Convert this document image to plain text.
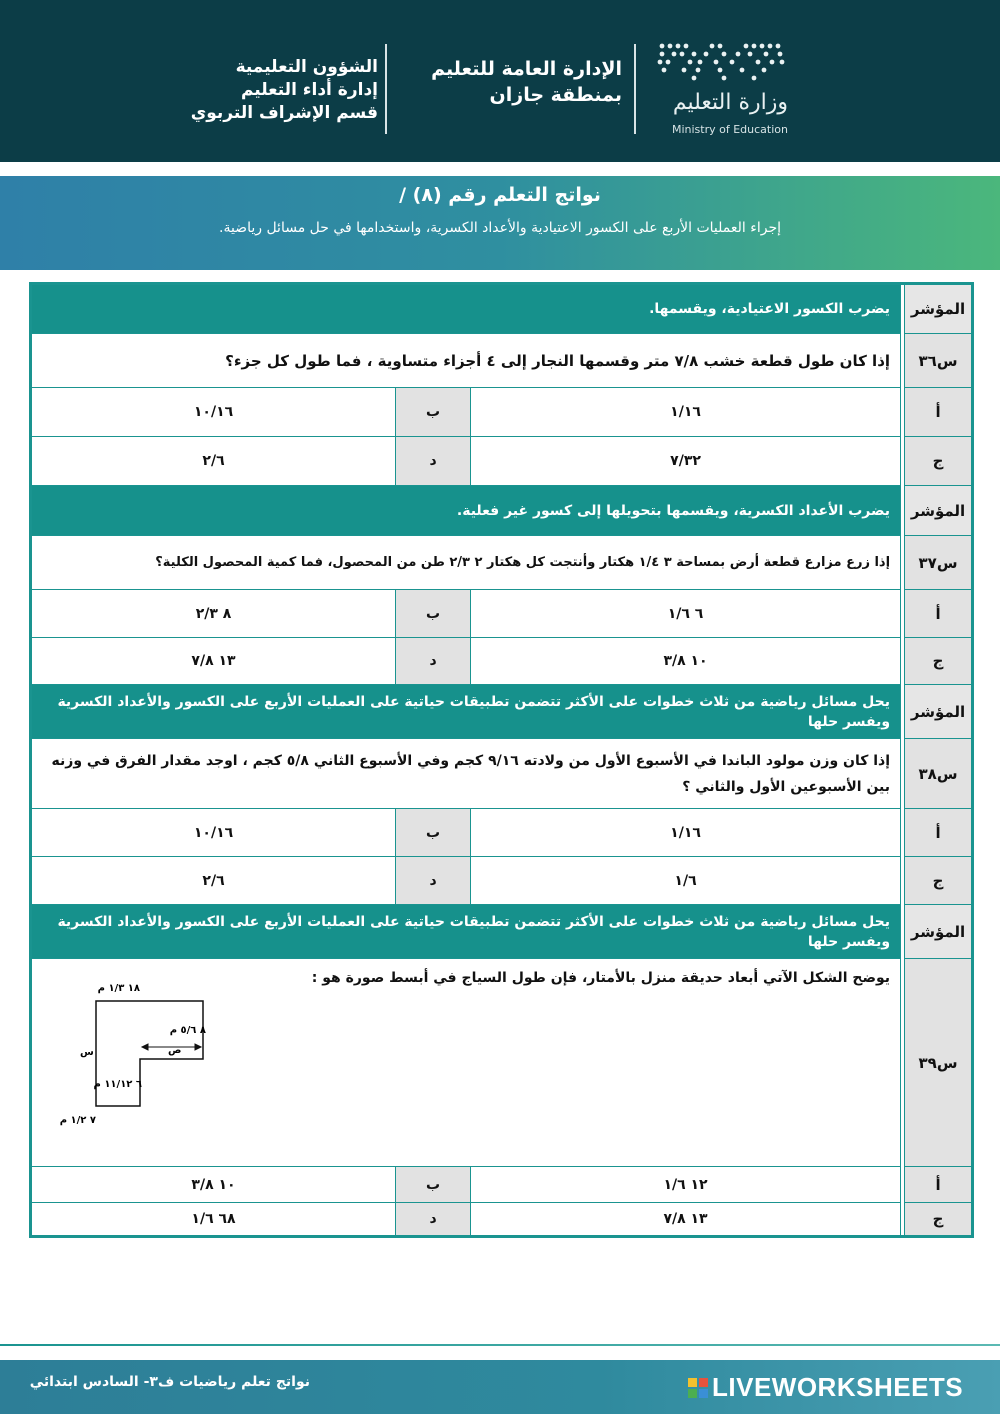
وزارة التعليم
Ministry of Education
الإدارة العامة للتعليم
بمنطقة جازان
الشؤون التعليمية
إدارة أداء التعليم
قسم الإشراف التربوي
نواتج التعلم رقم (٨) /
إجراء العمليات الأربع على الكسور الاعتيادية والأعداد الكسرية، واستخدامها في حل مسائل رياضية.
المؤشر		يضرب الكسور الاعتيادية، ويقسمها.		
س٣٦		إذا كان طول قطعة خشب ٧/٨ متر وقسمها النجار إلى ٤ أجزاء متساوية ، فما طول كل جزء؟		
أ		١/١٦	ب	١٠/١٦
ج		٧/٣٢	د	٢/٦
المؤشر		يضرب الأعداد الكسرية، ويقسمها بتحويلها إلى كسور غير فعلية.		
س٣٧		إذا زرع مزارع قطعة أرض بمساحة ٣ ١/٤ هكتار وأنتجت كل هكتار ٢ ٢/٣ طن من المحصول، فما كمية المحصول الكلية؟		
أ		٦ ١/٦	ب	٨ ٢/٣
ج		١٠ ٣/٨	د	١٣ ٧/٨
المؤشر		يحل مسائل رياضية من ثلاث خطوات على الأكثر تتضمن تطبيقات حياتية على العمليات الأربع على الكسور والأعداد الكسرية ويفسر حلها		
س٣٨		إذا كان وزن مولود الباندا في الأسبوع الأول من ولادته ٩/١٦ كجم وفي الأسبوع الثاني ٥/٨ كجم ، اوجد مقدار الفرق في وزنه بين الأسبوعين الأول والثاني ؟		
أ		١/١٦	ب	١٠/١٦
ج		١/٦	د	٢/٦
المؤشر		يحل مسائل رياضية من ثلاث خطوات على الأكثر تتضمن تطبيقات حياتية على العمليات الأربع على الكسور والأعداد الكسرية ويفسر حلها		
س٣٩		يوضح الشكل الآتي أبعاد حديقة منزل بالأمتار، فإن طول السياج في أبسط صورة هو :		
أ		١٢ ١/٦	ب	١٠ ٣/٨
ج		١٣ ٧/٨	د	٦٨ ١/٦
١٨ ١/٣ م
٨ ٥/٦ م
ص
س
٦ ١١/١٢ م
٧ ١/٢ م
نواتج تعلم رياضيات ف٣- السادس ابتدائي	LIVEWORKSHEETS
